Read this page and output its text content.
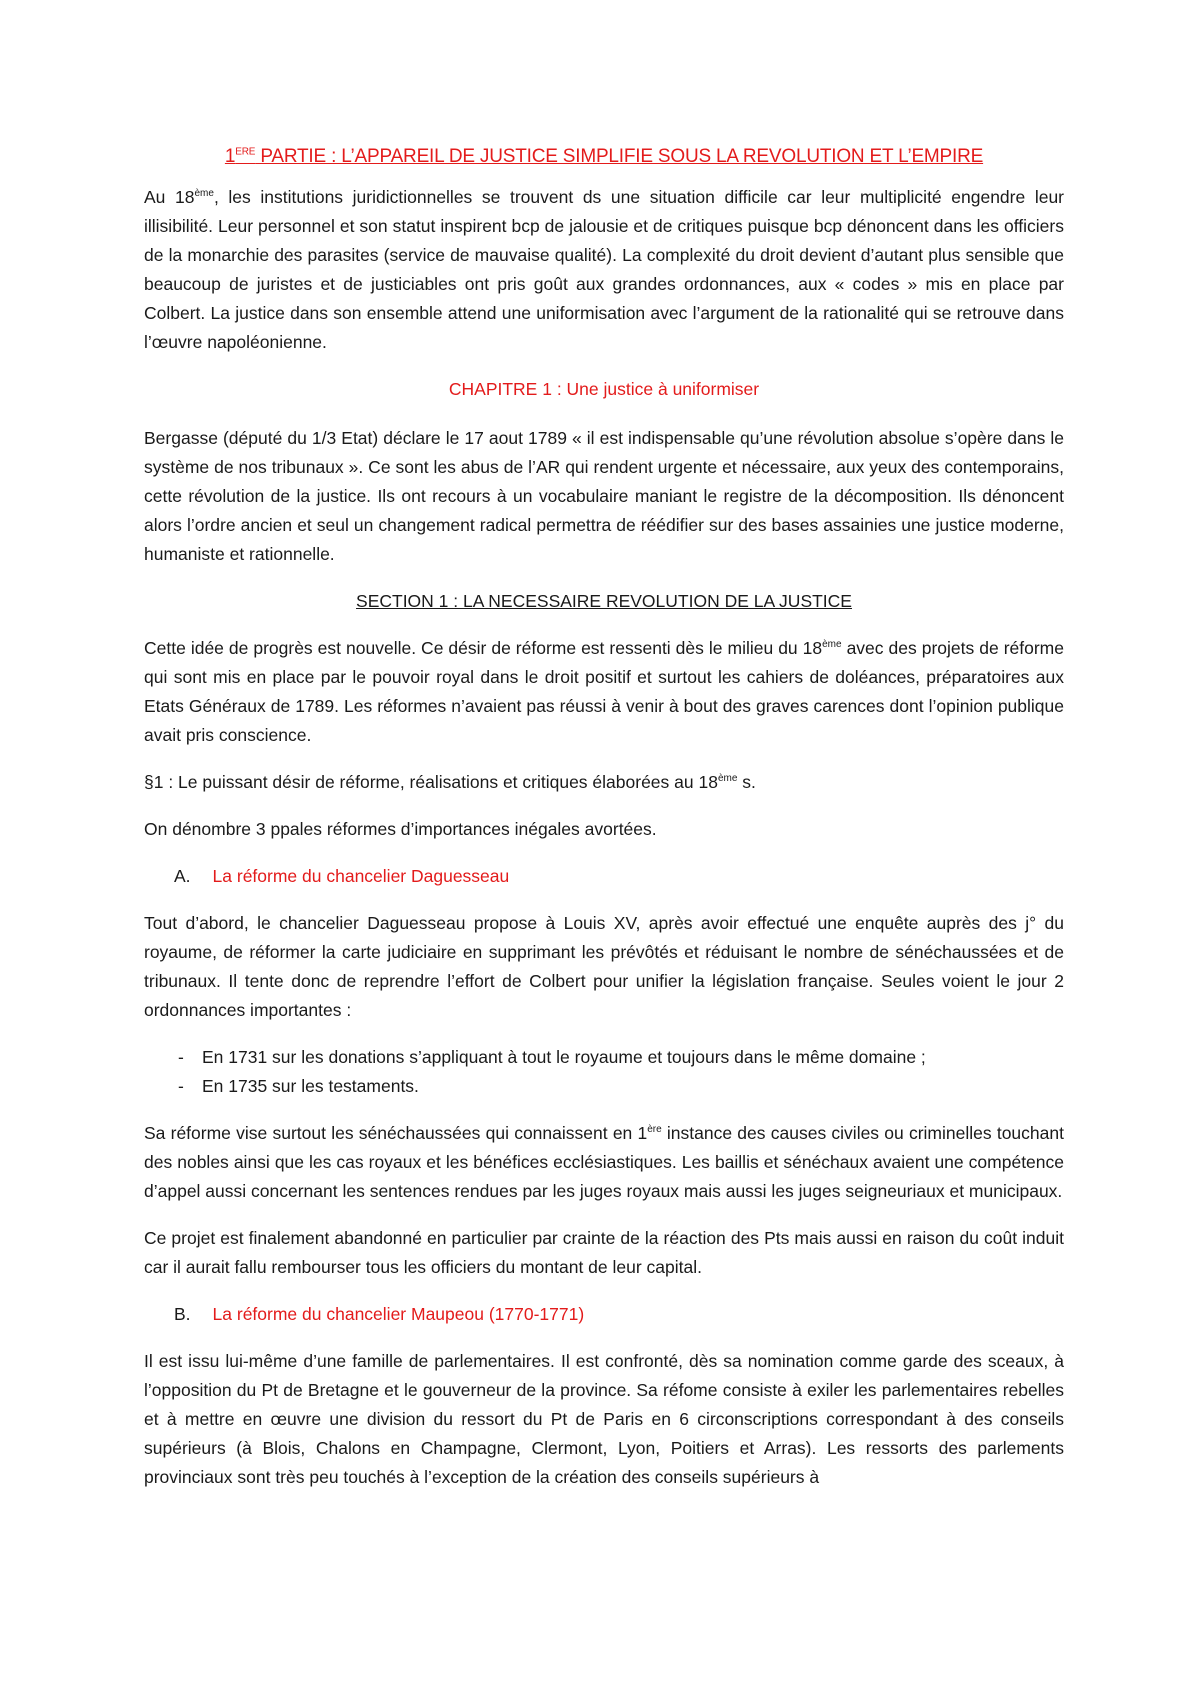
1ERE PARTIE : L’APPAREIL DE JUSTICE SIMPLIFIE SOUS LA REVOLUTION ET L’EMPIRE

Au 18ème, les institutions juridictionnelles se trouvent ds une situation difficile car leur multiplicité engendre leur illisibilité. Leur personnel et son statut inspirent bcp de jalousie et de critiques puisque bcp dénoncent dans les officiers de la monarchie des parasites (service de mauvaise qualité). La complexité du droit devient d’autant plus sensible que beaucoup de juristes et de justiciables ont pris goût aux grandes ordonnances, aux « codes » mis en place par Colbert. La justice dans son ensemble attend une uniformisation avec l’argument de la rationalité qui se retrouve dans l’œuvre napoléonienne.

CHAPITRE 1 : Une justice à uniformiser

Bergasse (député du 1/3 Etat) déclare le 17 aout 1789 « il est indispensable qu’une révolution absolue s’opère dans le système de nos tribunaux ». Ce sont les abus de l’AR qui rendent urgente et nécessaire, aux yeux des contemporains, cette révolution de la justice. Ils ont recours à un vocabulaire maniant le registre de la décomposition. Ils dénoncent alors l’ordre ancien et seul un changement radical permettra de réédifier sur des bases assainies une justice moderne, humaniste et rationnelle.

SECTION 1 : LA NECESSAIRE REVOLUTION DE LA JUSTICE

Cette idée de progrès est nouvelle. Ce désir de réforme est ressenti dès le milieu du 18ème avec des projets de réforme qui sont mis en place par le pouvoir royal dans le droit positif et surtout les cahiers de doléances, préparatoires aux Etats Généraux de 1789. Les réformes n’avaient pas réussi à venir à bout des graves carences dont l’opinion publique avait pris conscience.

§1 : Le puissant désir de réforme, réalisations et critiques élaborées au 18ème s.

On dénombre 3 ppales réformes d’importances inégales avortées.

A. La réforme du chancelier Daguesseau

Tout d’abord, le chancelier Daguesseau propose à Louis XV, après avoir effectué une enquête auprès des j° du royaume, de réformer la carte judiciaire en supprimant les prévôtés et réduisant le nombre de sénéchaussées et de tribunaux. Il tente donc de reprendre l’effort de Colbert pour unifier la législation française. Seules voient le jour 2 ordonnances importantes :

- En 1731 sur les donations s’appliquant à tout le royaume et toujours dans le même domaine ;
- En 1735 sur les testaments.

Sa réforme vise surtout les sénéchaussées qui connaissent en 1ère instance des causes civiles ou criminelles touchant des nobles ainsi que les cas royaux et les bénéfices ecclésiastiques. Les baillis et sénéchaux avaient une compétence d’appel aussi concernant les sentences rendues par les juges royaux mais aussi les juges seigneuriaux et municipaux.

Ce projet est finalement abandonné en particulier par crainte de la réaction des Pts mais aussi en raison du coût induit car il aurait fallu rembourser tous les officiers du montant de leur capital.

B. La réforme du chancelier Maupeou (1770-1771)

Il est issu lui-même d’une famille de parlementaires. Il est confronté, dès sa nomination comme garde des sceaux, à l’opposition du Pt de Bretagne et le gouverneur de la province. Sa réfome consiste à exiler les parlementaires rebelles et à mettre en œuvre une division du ressort du Pt de Paris en 6 circonscriptions correspondant à des conseils supérieurs (à Blois, Chalons en Champagne, Clermont, Lyon, Poitiers et Arras). Les ressorts des parlements provinciaux sont très peu touchés à l’exception de la création des conseils supérieurs à
